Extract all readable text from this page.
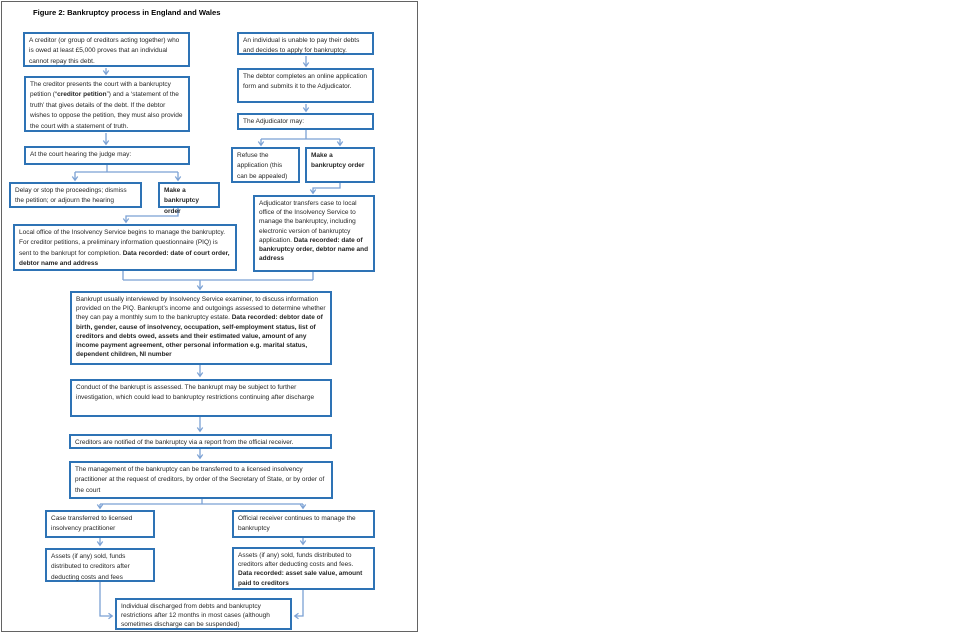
Figure 2: Bankruptcy process in England and Wales
A creditor (or group of creditors acting together) who is owed at least £5,000 proves that an individual cannot repay this debt.
The creditor presents the court with a bankruptcy petition (“creditor petition”) and a ‘statement of the truth’ that gives details of the debt. If the debtor wishes to oppose the petition, they must also provide the court with a statement of truth.
An individual is unable to pay their debts and decides to apply for bankruptcy.
The debtor completes an online application form and submits it to the Adjudicator.
The Adjudicator may:
At the court hearing the judge may:
Delay or stop the proceedings; dismiss the petition; or adjourn the hearing
Make a bankruptcy order
Refuse the application (this can be appealed)
Make a bankruptcy order
Local office of the Insolvency Service begins to manage the bankruptcy. For creditor petitions, a preliminary information questionnaire (PIQ) is sent to the bankrupt for completion. Data recorded: date of court order, debtor name and address
Adjudicator transfers case to local office of the Insolvency Service to manage the bankruptcy, including electronic version of bankruptcy application. Data recorded: date of bankruptcy order, debtor name and address
Bankrupt usually interviewed by Insolvency Service examiner, to discuss information provided on the PIQ. Bankrupt’s income and outgoings assessed to determine whether they can pay a monthly sum to the bankruptcy estate. Data recorded: debtor date of birth, gender, cause of insolvency, occupation, self-employment status, list of creditors and debts owed, assets and their estimated value, amount of any income payment agreement, other personal information e.g. marital status, dependent children, NI number
Conduct of the bankrupt is assessed. The bankrupt may be subject to further investigation, which could lead to bankruptcy restrictions continuing after discharge
Creditors are notified of the bankruptcy via a report from the official receiver.
The management of the bankruptcy can be transferred to a licensed insolvency practitioner at the request of creditors, by order of the Secretary of State, or by order of the court
Case transferred to licensed insolvency practitioner
Official receiver continues to manage the bankruptcy
Assets (if any) sold, funds distributed to creditors after deducting costs and fees
Assets (if any) sold, funds distributed to creditors after deducting costs and fees. Data recorded: asset sale value, amount paid to creditors
Individual discharged from debts and bankruptcy restrictions after 12 months in most cases (although sometimes discharge can be suspended)
